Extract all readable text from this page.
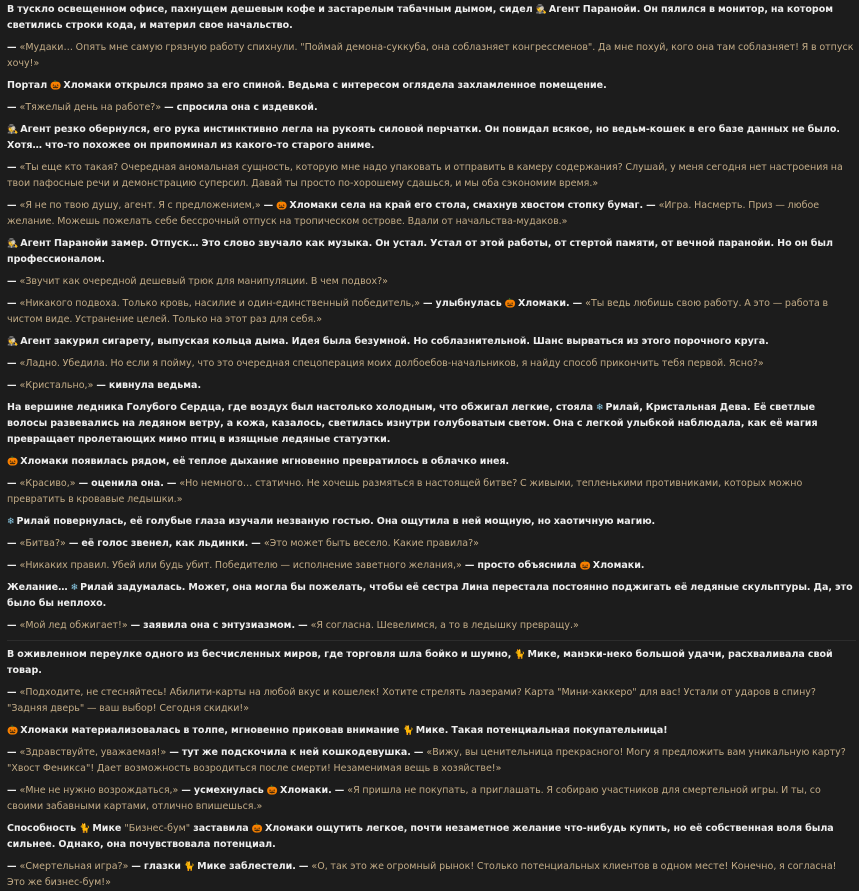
В тускло освещенном офисе, пахнущем дешевым кофе и застарелым табачным дымом, сидел 🕵 Агент Паранойи. Он пялился в монитор, на котором светились строки кода, и материл свое начальство.
— «Мудаки… Опять мне самую грязную работу спихнули. "Поймай демона-суккуба, она соблазняет конгрессменов". Да мне похуй, кого она там соблазняет! Я в отпуск хочу!»
Портал 🎃 Хломаки открылся прямо за его спиной. Ведьма с интересом оглядела захламленное помещение.
— «Тяжелый день на работе?» — спросила она с издевкой.
🕵 Агент резко обернулся, его рука инстинктивно легла на рукоять силовой перчатки. Он повидал всякое, но ведьм-кошек в его базе данных не было. Хотя… что-то похожее он припоминал из какого-то старого аниме.
— «Ты еще кто такая? Очередная аномальная сущность, которую мне надо упаковать и отправить в камеру содержания? Слушай, у меня сегодня нет настроения на твои пафосные речи и демонстрацию суперсил. Давай ты просто по-хорошему сдашься, и мы оба сэкономим время.»
— «Я не по твою душу, агент. Я с предложением,» — 🎃 Хломаки села на край его стола, смахнув хвостом стопку бумаг. — «Игра. Насмерть. Приз — любое желание. Можешь пожелать себе бессрочный отпуск на тропическом острове. Вдали от начальства-мудаков.»
🕵 Агент Паранойи замер. Отпуск… Это слово звучало как музыка. Он устал. Устал от этой работы, от стертой памяти, от вечной паранойи. Но он был профессионалом.
— «Звучит как очередной дешевый трюк для манипуляции. В чем подвох?»
— «Никакого подвоха. Только кровь, насилие и один-единственный победитель,» — улыбнулась 🎃 Хломаки. — «Ты ведь любишь свою работу. А это — работа в чистом виде. Устранение целей. Только на этот раз для себя.»
🕵 Агент закурил сигарету, выпуская кольца дыма. Идея была безумной. Но соблазнительной. Шанс вырваться из этого порочного круга.
— «Ладно. Убедила. Но если я пойму, что это очередная спецоперация моих долбоебов-начальников, я найду способ прикончить тебя первой. Ясно?»
— «Кристально,» — кивнула ведьма.
На вершине ледника Голубого Сердца, где воздух был настолько холодным, что обжигал легкие, стояла ❄ Рилай, Кристальная Дева. Её светлые волосы развевались на ледяном ветру, а кожа, казалось, светилась изнутри голубоватым светом. Она с легкой улыбкой наблюдала, как её магия превращает пролетающих мимо птиц в изящные ледяные статуэтки.
🎃 Хломаки появилась рядом, её теплое дыхание мгновенно превратилось в облачко инея.
— «Красиво,» — оценила она. — «Но немного… статично. Не хочешь размяться в настоящей битве? С живыми, тепленькими противниками, которых можно превратить в кровавые ледышки.»
❄ Рилай повернулась, её голубые глаза изучали незваную гостью. Она ощутила в ней мощную, но хаотичную магию.
— «Битва?» — её голос звенел, как льдинки. — «Это может быть весело. Какие правила?»
— «Никаких правил. Убей или будь убит. Победителю — исполнение заветного желания,» — просто объяснила 🎃 Хломаки.
Желание… ❄ Рилай задумалась. Может, она могла бы пожелать, чтобы её сестра Лина перестала постоянно поджигать её ледяные скульптуры. Да, это было бы неплохо.
— «Мой лед обжигает!» — заявила она с энтузиазмом. — «Я согласна. Шевелимся, а то в ледышку превращу.»
В оживленном переулке одного из бесчисленных миров, где торговля шла бойко и шумно, 🐈 Мике, манэки-неко большой удачи, расхваливала свой товар.
— «Подходите, не стесняйтесь! Абилити-карты на любой вкус и кошелек! Хотите стрелять лазерами? Карта "Мини-хаккеро" для вас! Устали от ударов в спину? "Задняя дверь" — ваш выбор! Сегодня скидки!»
🎃 Хломаки материализовалась в толпе, мгновенно приковав внимание 🐈 Мике. Такая потенциальная покупательница!
— «Здравствуйте, уважаемая!» — тут же подскочила к ней кошкодевушка. — «Вижу, вы ценительница прекрасного! Могу я предложить вам уникальную карту? "Хвост Феникса"! Дает возможность возродиться после смерти! Незаменимая вещь в хозяйстве!»
— «Мне не нужно возрождаться,» — усмехнулась 🎃 Хломаки. — «Я пришла не покупать, а приглашать. Я собираю участников для смертельной игры. И ты, со своими забавными картами, отлично впишешься.»
Способность 🐈 Мике "Бизнес-бум" заставила 🎃 Хломаки ощутить легкое, почти незаметное желание что-нибудь купить, но её собственная воля была сильнее. Однако, она почувствовала потенциал.
— «Смертельная игра?» — глазки 🐈 Мике заблестели. — «О, так это же огромный рынок! Столько потенциальных клиентов в одном месте! Конечно, я согласна! Это же бизнес-бум!»
